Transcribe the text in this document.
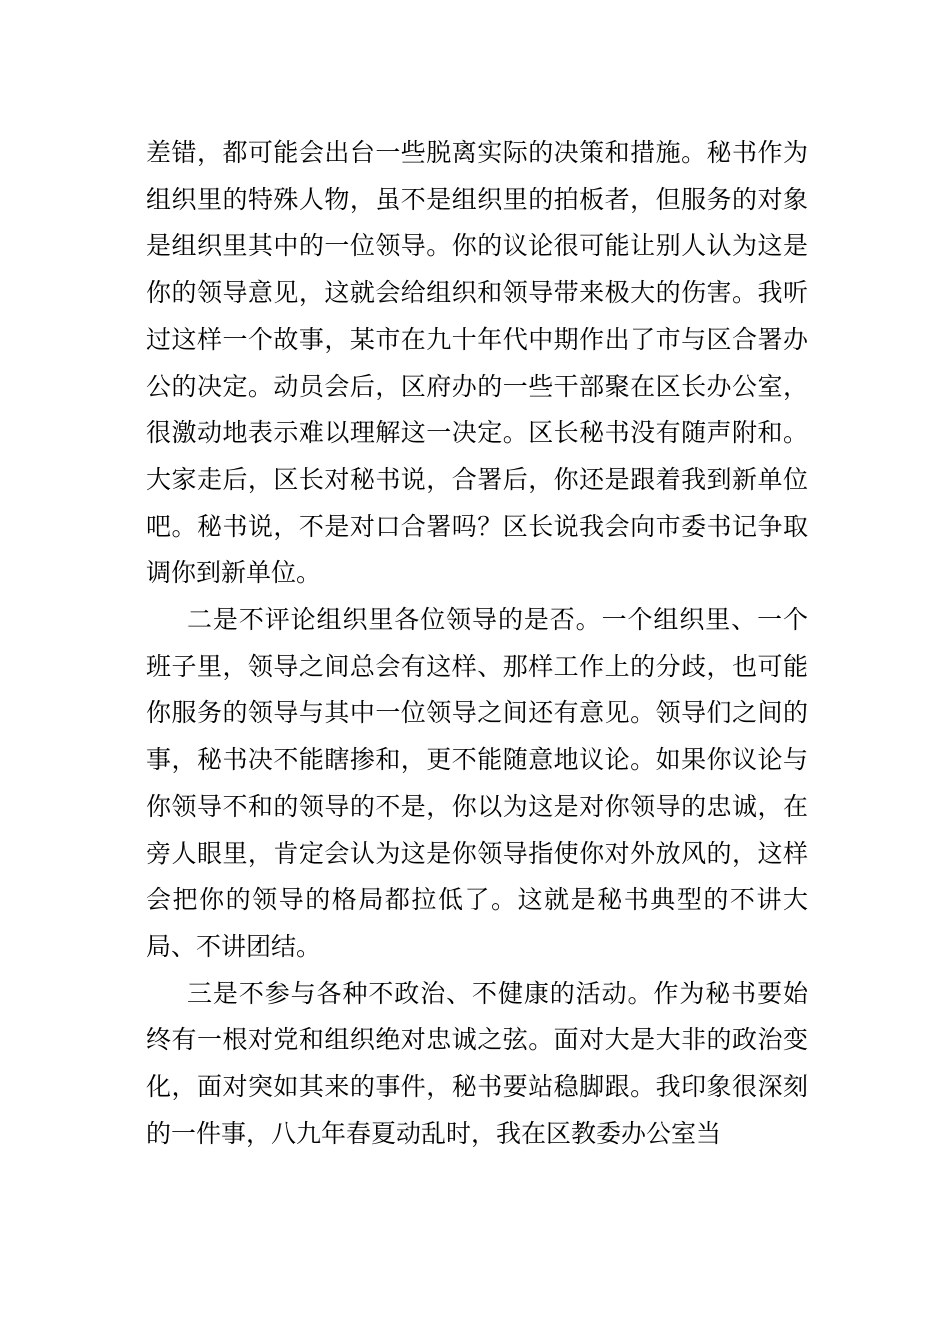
差错，都可能会出台一些脱离实际的决策和措施。秘书作为组织里的特殊人物，虽不是组织里的拍板者，但服务的对象是组织里其中的一位领导。你的议论很可能让别人认为这是你的领导意见，这就会给组织和领导带来极大的伤害。我听过这样一个故事，某市在九十年代中期作出了市与区合署办公的决定。动员会后，区府办的一些干部聚在区长办公室，很激动地表示难以理解这一决定。区长秘书没有随声附和。大家走后，区长对秘书说，合署后，你还是跟着我到新单位吧。秘书说，不是对口合署吗？区长说我会向市委书记争取调你到新单位。

二是不评论组织里各位领导的是否。一个组织里、一个班子里，领导之间总会有这样、那样工作上的分歧，也可能你服务的领导与其中一位领导之间还有意见。领导们之间的事，秘书决不能瞎掺和，更不能随意地议论。如果你议论与你领导不和的领导的不是，你以为这是对你领导的忠诚，在旁人眼里，肯定会认为这是你领导指使你对外放风的，这样会把你的领导的格局都拉低了。这就是秘书典型的不讲大局、不讲团结。

三是不参与各种不政治、不健康的活动。作为秘书要始终有一根对党和组织绝对忠诚之弦。面对大是大非的政治变化，面对突如其来的事件，秘书要站稳脚跟。我印象很深刻的一件事，八九年春夏动乱时，我在区教委办公室当
